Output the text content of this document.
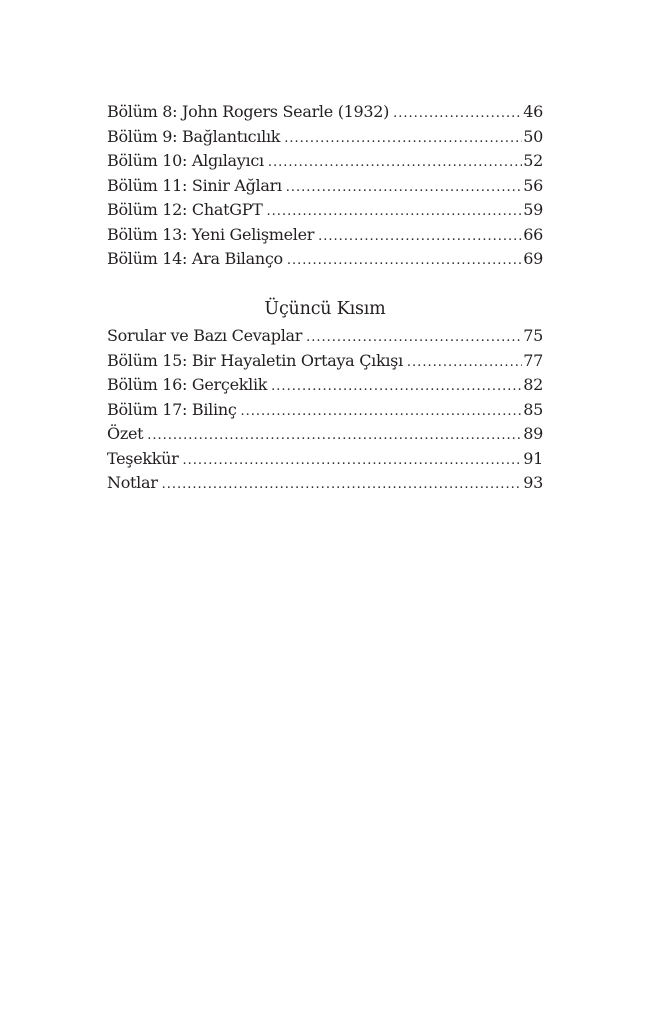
Bölüm 8: John Rogers Searle (1932) .....	46
Bölüm 9: Bağlantıcılık .....	50
Bölüm 10: Algılayıcı .....	52
Bölüm 11: Sinir Ağları .....	56
Bölüm 12: ChatGPT .....	59
Bölüm 13: Yeni Gelişmeler .....	66
Bölüm 14: Ara Bilanço .....	69
Üçüncü Kısım
Sorular ve Bazı Cevaplar .....	75
Bölüm 15: Bir Hayaletin Ortaya Çıkışı .....	77
Bölüm 16: Gerçeklik .....	82
Bölüm 17: Bilinç .....	85
Özet .....	89
Teşekkür .....	91
Notlar .....	93
